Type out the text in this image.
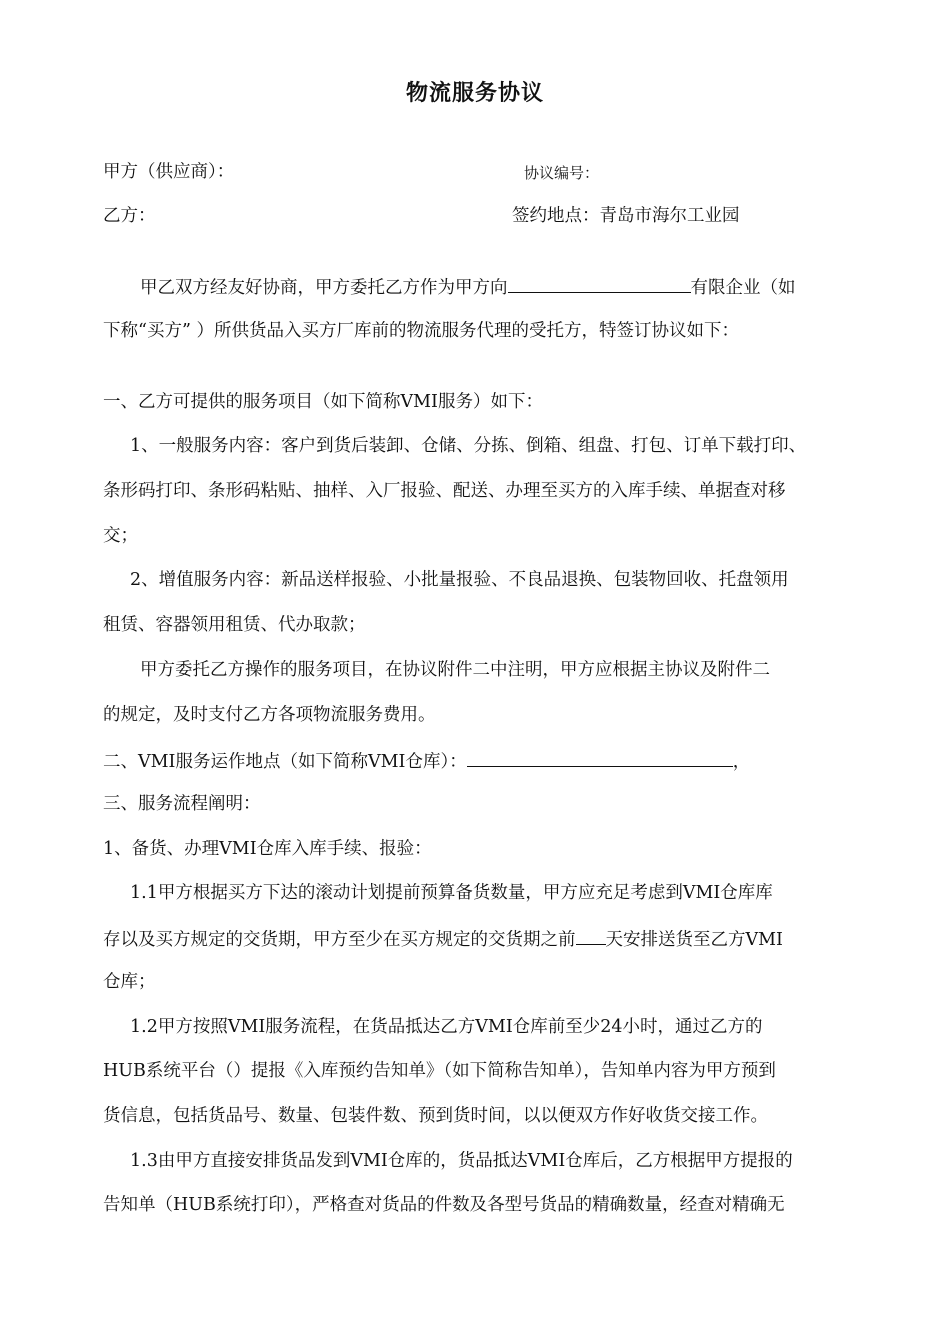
物流服务协议
甲方（供应商）：	协议编号：
乙方：	签约地点：青岛市海尔工业园
甲乙双方经友好协商，甲方委托乙方作为甲方向	有限企业（如
下称“买方” ）所供货品入买方厂库前的物流服务代理的受托方，特签订协议如下：
一、乙方可提供的服务项目（如下简称VMI服务）如下：
1、一般服务内容：客户到货后装卸、仓储、分拣、倒箱、组盘、打包、订单下载打印、
条形码打印、条形码粘贴、抽样、入厂报验、配送、办理至买方的入库手续、单据查对移
交；
2、增值服务内容：新品送样报验、小批量报验、不良品退换、包装物回收、托盘领用
租赁、容器领用租赁、代办取款；
甲方委托乙方操作的服务项目，在协议附件二中注明，甲方应根据主协议及附件二
的规定，及时支付乙方各项物流服务费用。
二、VMI服务运作地点（如下简称VMI仓库）：	，
三、服务流程阐明：
1、备货、办理VMI仓库入库手续、报验：
1.1甲方根据买方下达的滚动计划提前预算备货数量，甲方应充足考虑到VMI仓库库
存以及买方规定的交货期，甲方至少在买方规定的交货期之前 天安排送货至乙方VMI
仓库；
1.2甲方按照VMI服务流程，在货品抵达乙方VMI仓库前至少24小时，通过乙方的
HUB系统平台（）提报《入库预约告知单》（如下简称告知单），告知单内容为甲方预到
货信息，包括货品号、数量、包装件数、预到货时间，以以便双方作好收货交接工作。
1.3由甲方直接安排货品发到VMI仓库的，货品抵达VMI仓库后，乙方根据甲方提报的
告知单（HUB系统打印），严格查对货品的件数及各型号货品的精确数量，经查对精确无
